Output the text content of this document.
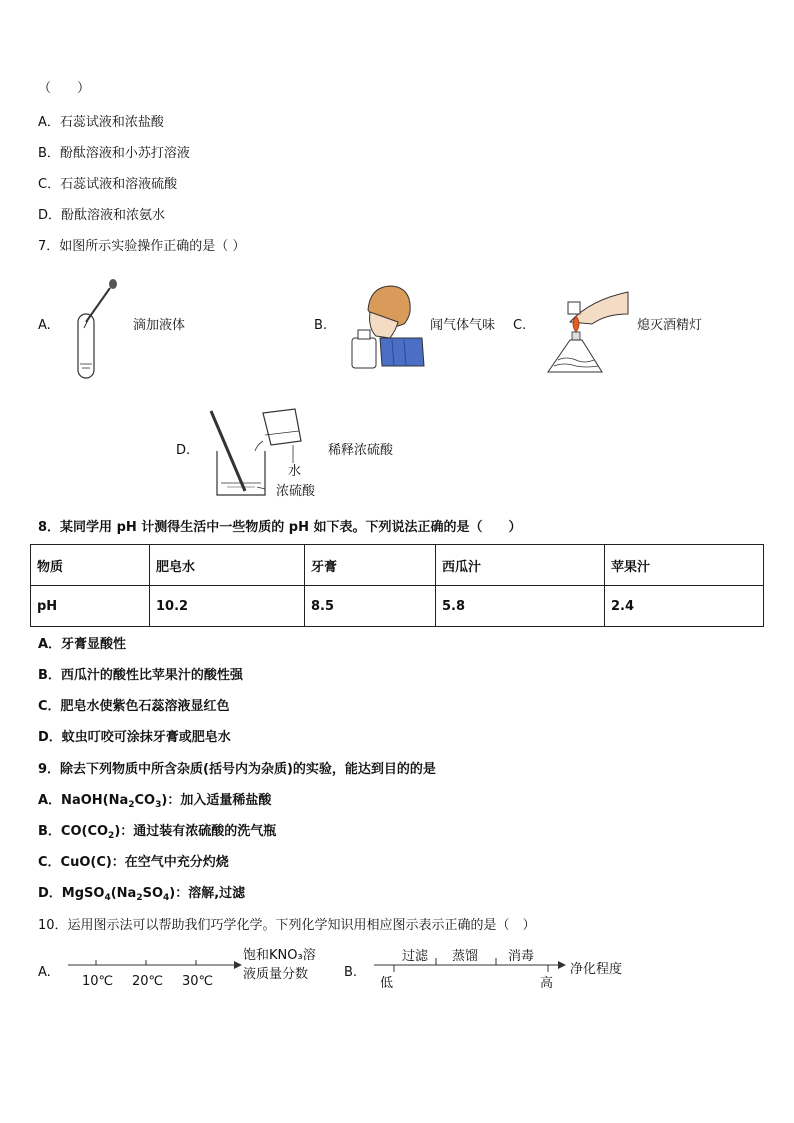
（　　）
A．石蕊试液和浓盐酸
B．酚酞溶液和小苏打溶液
C．石蕊试液和溶液硫酸
D．酚酞溶液和浓氨水
7．如图所示实验操作正确的是（ ）
A.	滴加液体	B.	闻气体气味 C.	熄灭酒精灯
D.
水
浓硫酸
稀释浓硫酸
8．某同学用 pH 计测得生活中一些物质的 pH 如下表。下列说法正确的是（　　）
物质	肥皂水	牙膏	西瓜汁	苹果汁
pH	10.2	8.5	5.8	2.4
A．牙膏显酸性
B．西瓜汁的酸性比苹果汁的酸性强
C．肥皂水使紫色石蕊溶液显红色
D．蚊虫叮咬可涂抹牙膏或肥皂水
9．除去下列物质中所含杂质(括号内为杂质)的实验，能达到目的的是
A．$NaOH(Na_2CO_3)$：加入适量稀盐酸
B．$CO(CO_2)$：通过装有浓硫酸的洗气瓶
C．CuO(C)：在空气中充分灼烧
D．$MgSO_4(Na_2SO_4)$：溶解,过滤
10．运用图示法可以帮助我们巧学化学。下列化学知识用相应图示表示正确的是（　）
A.
10℃ 20℃ 30℃
饱和KNO₃溶
液质量分数	B.
过滤 蒸馏 消毒
低	高
净化程度
